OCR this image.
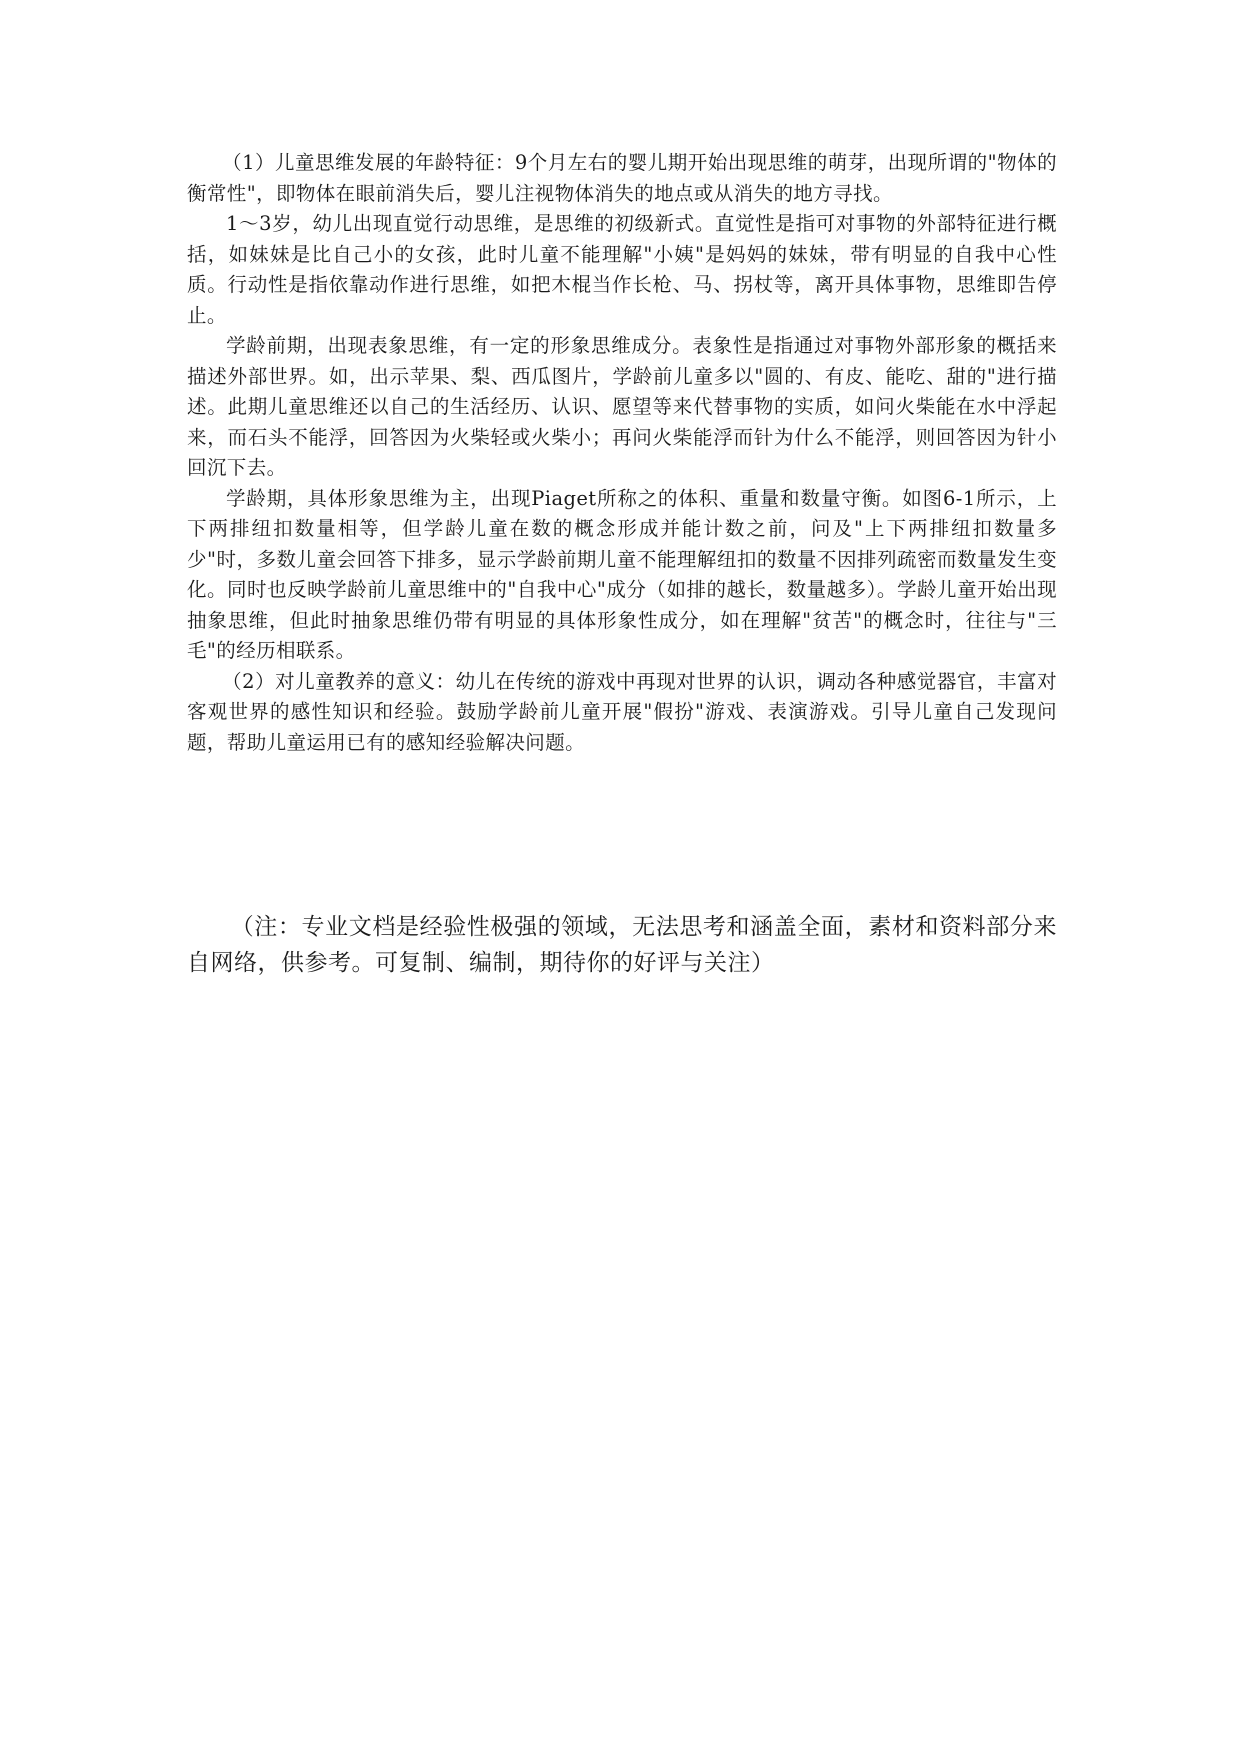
（1）儿童思维发展的年龄特征：9个月左右的婴儿期开始出现思维的萌芽，出现所谓的"物体的衡常性"，即物体在眼前消失后，婴儿注视物体消失的地点或从消失的地方寻找。

1～3岁，幼儿出现直觉行动思维，是思维的初级新式。直觉性是指可对事物的外部特征进行概括，如妹妹是比自己小的女孩，此时儿童不能理解"小姨"是妈妈的妹妹，带有明显的自我中心性质。行动性是指依靠动作进行思维，如把木棍当作长枪、马、拐杖等，离开具体事物，思维即告停止。

学龄前期，出现表象思维，有一定的形象思维成分。表象性是指通过对事物外部形象的概括来描述外部世界。如，出示苹果、梨、西瓜图片，学龄前儿童多以"圆的、有皮、能吃、甜的"进行描述。此期儿童思维还以自己的生活经历、认识、愿望等来代替事物的实质，如问火柴能在水中浮起来，而石头不能浮，回答因为火柴轻或火柴小；再问火柴能浮而针为什么不能浮，则回答因为针小回沉下去。

学龄期，具体形象思维为主，出现Piaget所称之的体积、重量和数量守衡。如图6-1所示，上下两排纽扣数量相等，但学龄儿童在数的概念形成并能计数之前，问及"上下两排纽扣数量多少"时，多数儿童会回答下排多，显示学龄前期儿童不能理解纽扣的数量不因排列疏密而数量发生变化。同时也反映学龄前儿童思维中的"自我中心"成分（如排的越长，数量越多）。学龄儿童开始出现抽象思维，但此时抽象思维仍带有明显的具体形象性成分，如在理解"贫苦"的概念时，往往与"三毛"的经历相联系。

（2）对儿童教养的意义：幼儿在传统的游戏中再现对世界的认识，调动各种感觉器官，丰富对客观世界的感性知识和经验。鼓励学龄前儿童开展"假扮"游戏、表演游戏。引导儿童自己发现问题，帮助儿童运用已有的感知经验解决问题。

（注：专业文档是经验性极强的领域，无法思考和涵盖全面，素材和资料部分来自网络，供参考。可复制、编制，期待你的好评与关注）
